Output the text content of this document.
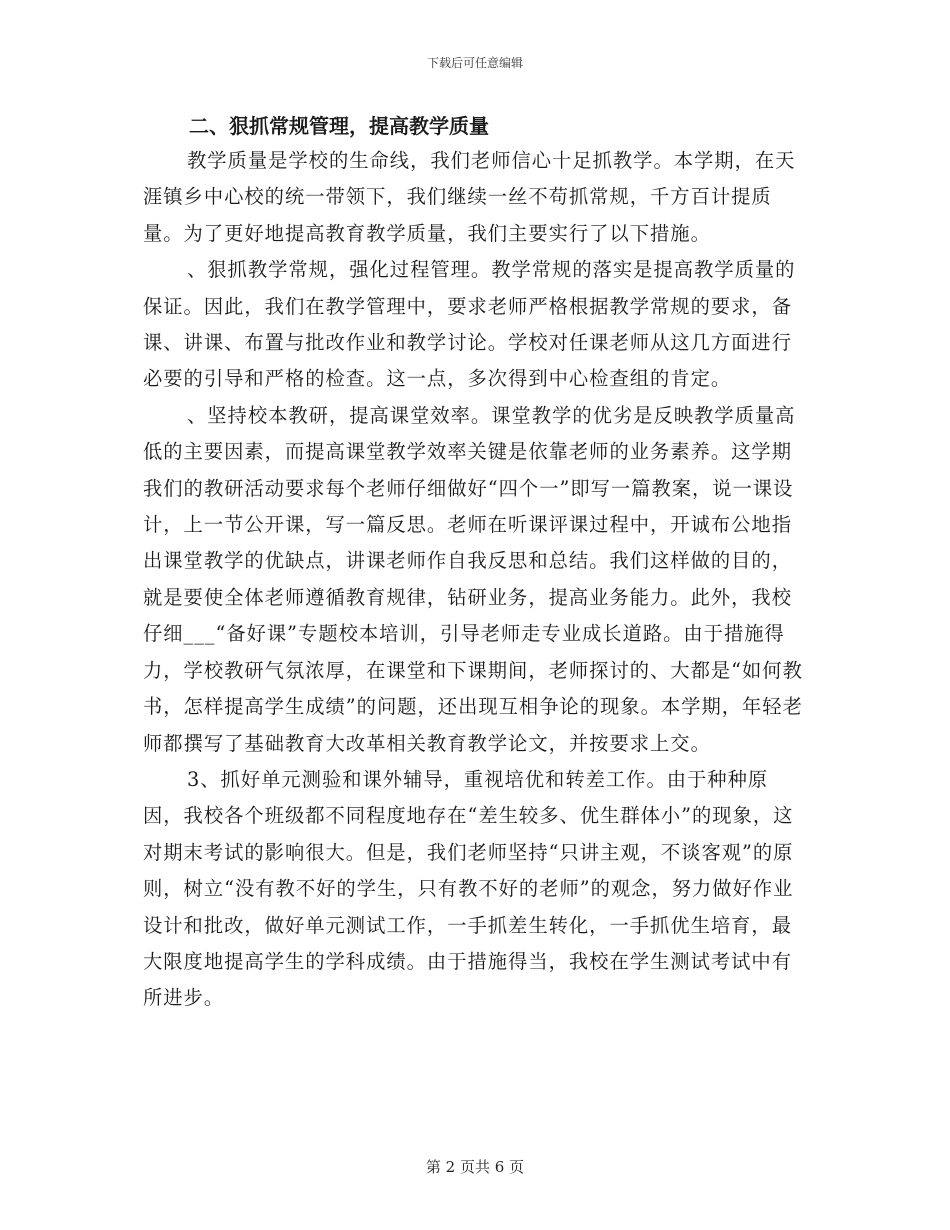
下载后可任意编辑
二、狠抓常规管理，提高教学质量

教学质量是学校的生命线，我们老师信心十足抓教学。本学期，在天涯镇乡中心校的统一带领下，我们继续一丝不苟抓常规，千方百计提质量。为了更好地提高教育教学质量，我们主要实行了以下措施。

、狠抓教学常规，强化过程管理。教学常规的落实是提高教学质量的保证。因此，我们在教学管理中，要求老师严格根据教学常规的要求，备课、讲课、布置与批改作业和教学讨论。学校对任课老师从这几方面进行必要的引导和严格的检查。这一点，多次得到中心检查组的肯定。

、坚持校本教研，提高课堂效率。课堂教学的优劣是反映教学质量高低的主要因素，而提高课堂教学效率关键是依靠老师的业务素养。这学期我们的教研活动要求每个老师仔细做好“四个一”即写一篇教案，说一课设计，上一节公开课，写一篇反思。老师在听课评课过程中，开诚布公地指出课堂教学的优缺点，讲课老师作自我反思和总结。我们这样做的目的，就是要使全体老师遵循教育规律，钻研业务，提高业务能力。此外，我校仔细___“备好课”专题校本培训，引导老师走专业成长道路。由于措施得力，学校教研气氛浓厚，在课堂和下课期间，老师探讨的、大都是“如何教书，怎样提高学生成绩”的问题，还出现互相争论的现象。本学期，年轻老师都撰写了基础教育大改革相关教育教学论文，并按要求上交。

3、抓好单元测验和课外辅导，重视培优和转差工作。由于种种原因，我校各个班级都不同程度地存在“差生较多、优生群体小”的现象，这对期末考试的影响很大。但是，我们老师坚持“只讲主观，不谈客观”的原则，树立“没有教不好的学生，只有教不好的老师”的观念，努力做好作业设计和批改，做好单元测试工作，一手抓差生转化，一手抓优生培育，最大限度地提高学生的学科成绩。由于措施得当，我校在学生测试考试中有所进步。

第 2 页共 6 页
